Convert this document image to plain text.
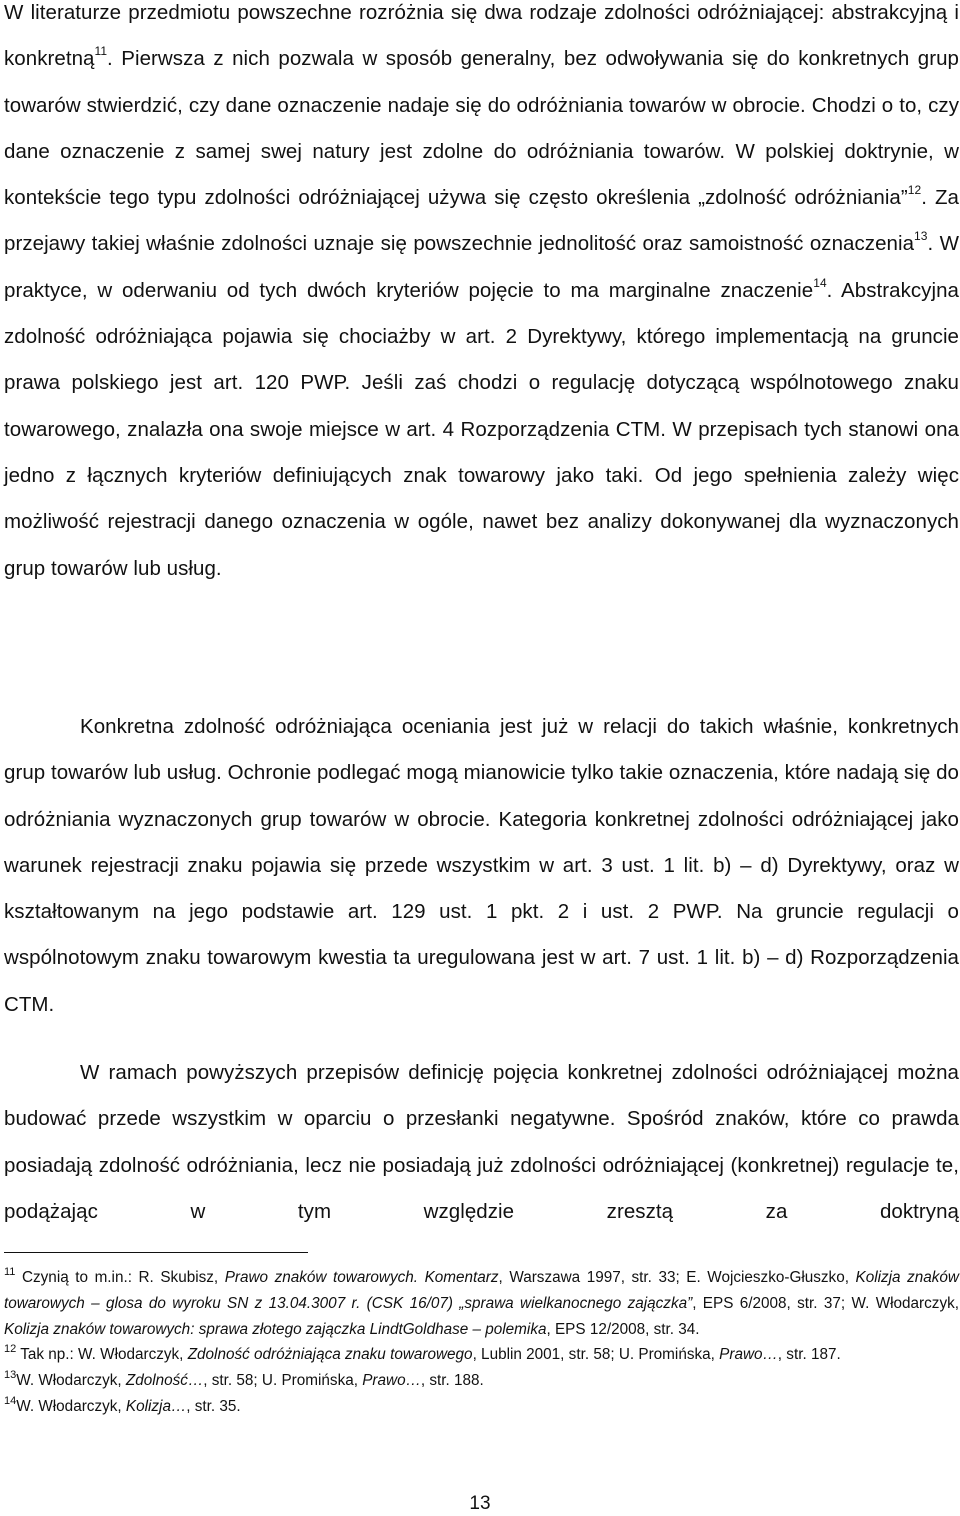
W literaturze przedmiotu powszechne rozróżnia się dwa rodzaje zdolności odróżniającej: abstrakcyjną i konkretną$^{11}$. Pierwsza z nich pozwala w sposób generalny, bez odwoływania się do konkretnych grup towarów stwierdzić, czy dane oznaczenie nadaje się do odróżniania towarów w obrocie. Chodzi o to, czy dane oznaczenie z samej swej natury jest zdolne do odróżniania towarów. W polskiej doktrynie, w kontekście tego typu zdolności odróżniającej używa się często określenia „zdolność odróżniania”$^{12}$. Za przejawy takiej właśnie zdolności uznaje się powszechnie jednolitość oraz samoistność oznaczenia$^{13}$. W praktyce, w oderwaniu od tych dwóch kryteriów pojęcie to ma marginalne znaczenie$^{14}$. Abstrakcyjna zdolność odróżniająca pojawia się chociażby w art. 2 Dyrektywy, którego implementacją na gruncie prawa polskiego jest art. 120 PWP. Jeśli zaś chodzi o regulację dotyczącą wspólnotowego znaku towarowego, znalazła ona swoje miejsce w art. 4 Rozporządzenia CTM. W przepisach tych stanowi ona jedno z łącznych kryteriów definiujących znak towarowy jako taki. Od jego spełnienia zależy więc możliwość rejestracji danego oznaczenia w ogóle, nawet bez analizy dokonywanej dla wyznaczonych grup towarów lub usług.

Konkretna zdolność odróżniająca oceniania jest już w relacji do takich właśnie, konkretnych grup towarów lub usług. Ochronie podlegać mogą mianowicie tylko takie oznaczenia, które nadają się do odróżniania wyznaczonych grup towarów w obrocie. Kategoria konkretnej zdolności odróżniającej jako warunek rejestracji znaku pojawia się przede wszystkim w art. 3 ust. 1 lit. b) – d) Dyrektywy, oraz w kształtowanym na jego podstawie art. 129 ust. 1 pkt. 2 i ust. 2 PWP. Na gruncie regulacji o wspólnotowym znaku towarowym kwestia ta uregulowana jest w art. 7 ust. 1 lit. b) – d) Rozporządzenia CTM.

W ramach powyższych przepisów definicję pojęcia konkretnej zdolności odróżniającej można budować przede wszystkim w oparciu o przesłanki negatywne. Spośród znaków, które co prawda posiadają zdolność odróżniania, lecz nie posiadają już zdolności odróżniającej (konkretnej) regulacje te, podążając w tym względzie zresztą za doktryną

$^{11}$ Czynią to m.in.: R. Skubisz, Prawo znaków towarowych. Komentarz, Warszawa 1997, str. 33; E. Wojcieszko-Głuszko, Kolizja znaków towarowych – glosa do wyroku SN z 13.04.3007 r. (CSK 16/07) „sprawa wielkanocnego zajączka”, EPS 6/2008, str. 37; W. Włodarczyk, Kolizja znaków towarowych: sprawa złotego zajączka LindtGoldhase – polemika, EPS 12/2008, str. 34.

$^{12}$ Tak np.: W. Włodarczyk, Zdolność odróżniająca znaku towarowego, Lublin 2001, str. 58; U. Promińska, Prawo…, str. 187.

$^{13}$W. Włodarczyk, Zdolność…, str. 58; U. Promińska, Prawo…, str. 188.

$^{14}$W. Włodarczyk, Kolizja…, str. 35.

13
